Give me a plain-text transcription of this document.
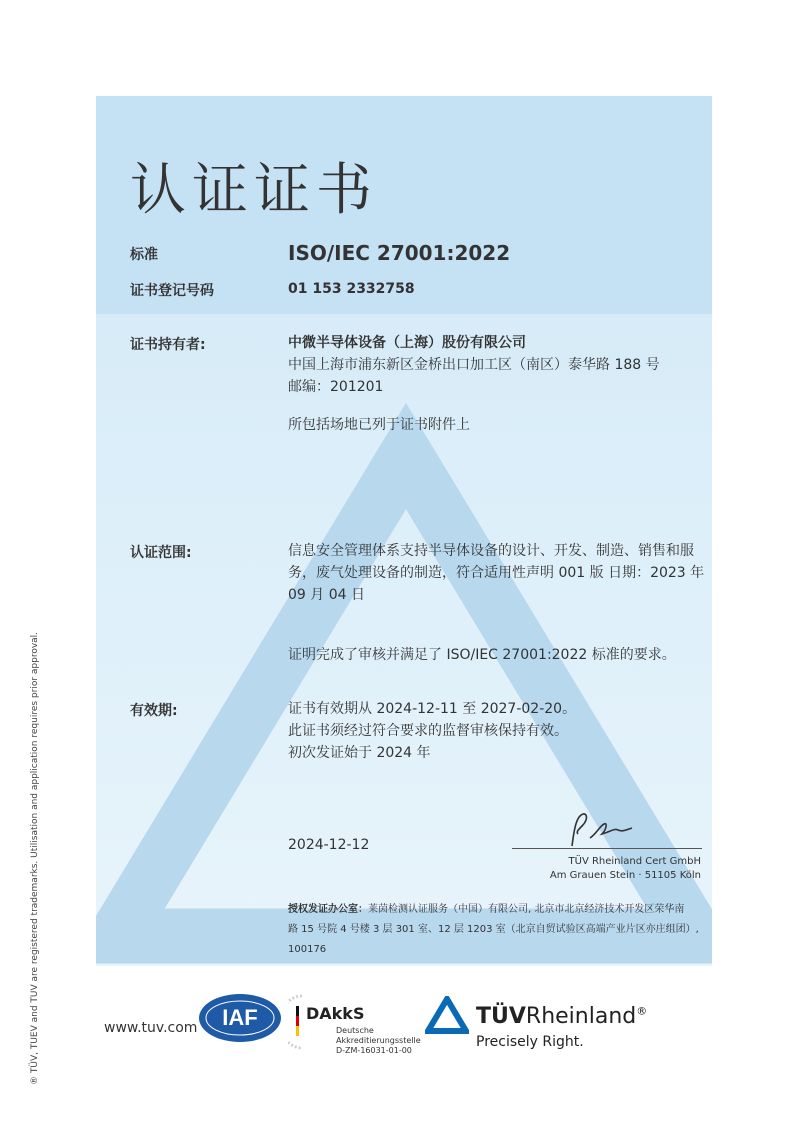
认证证书
标准	ISO/IEC 27001:2022
证书登记号码	01 153 2332758
证书持有者:	中微半导体设备（上海）股份有限公司
中国上海市浦东新区金桥出口加工区（南区）泰华路 188 号
邮编：201201
所包括场地已列于证书附件上
认证范围:	信息安全管理体系支持半导体设备的设计、开发、制造、销售和服
务，废气处理设备的制造，符合适用性声明 001 版 日期：2023 年
09 月 04 日
证明完成了审核并满足了 ISO/IEC 27001:2022 标准的要求。
有效期:	证书有效期从 2024-12-11 至 2027-02-20。
此证书须经过符合要求的监督审核保持有效。
初次发证始于 2024 年
2024-12-12
TÜV Rheinland Cert GmbH
Am Grauen Stein · 51105 Köln
授权发证办公室：莱茵检测认证服务（中国）有限公司, 北京市北京经济技术开发区荣华南
路 15 号院 4 号楼 3 层 301 室、12 层 1203 室（北京自贸试验区高端产业片区亦庄组团）,
100176
® TÜV, TUEV and TUV are registered trademarks. Utilisation and application requires prior approval.	www.tuv.com IAF	DAkkS
Deutsche
Akkreditierungsstelle
D-ZM-16031-01-00
TÜVRheinland®
Precisely Right.
